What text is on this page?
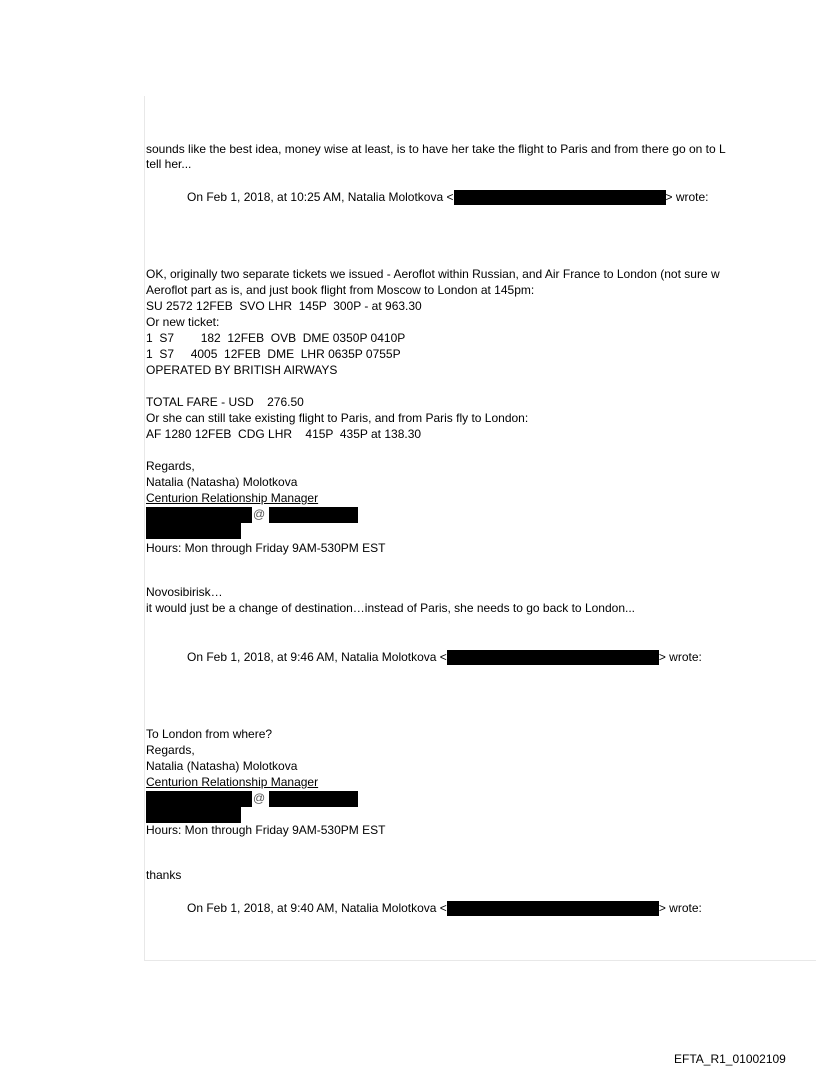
sounds like the best idea, money wise at least, is to have her take the flight to Paris and from there go on to L
tell her...
On Feb 1, 2018, at 10:25 AM, Natalia Molotkova <	> wrote:
OK, originally two separate tickets we issued - Aeroflot within Russian, and Air France to London (not sure w
Aeroflot part as is, and just book flight from Moscow to London at 145pm:
SU 2572 12FEB  SVO LHR  145P  300P - at 963.30
Or new ticket:
1  S7        182  12FEB  OVB  DME 0350P 0410P
1  S7     4005  12FEB  DME  LHR 0635P 0755P
OPERATED BY BRITISH AIRWAYS
TOTAL FARE - USD    276.50
Or she can still take existing flight to Paris, and from Paris fly to London:
AF 1280 12FEB  CDG LHR    415P  435P at 138.30
Regards,
Natalia (Natasha) Molotkova
Centurion Relationship Manager
@
Hours: Mon through Friday 9AM-530PM EST
Novosibirisk…
it would just be a change of destination…instead of Paris, she needs to go back to London...
On Feb 1, 2018, at 9:46 AM, Natalia Molotkova <	> wrote:
To London from where?
Regards,
Natalia (Natasha) Molotkova
Centurion Relationship Manager
@
Hours: Mon through Friday 9AM-530PM EST
thanks
On Feb 1, 2018, at 9:40 AM, Natalia Molotkova <	> wrote:
EFTA_R1_01002109
